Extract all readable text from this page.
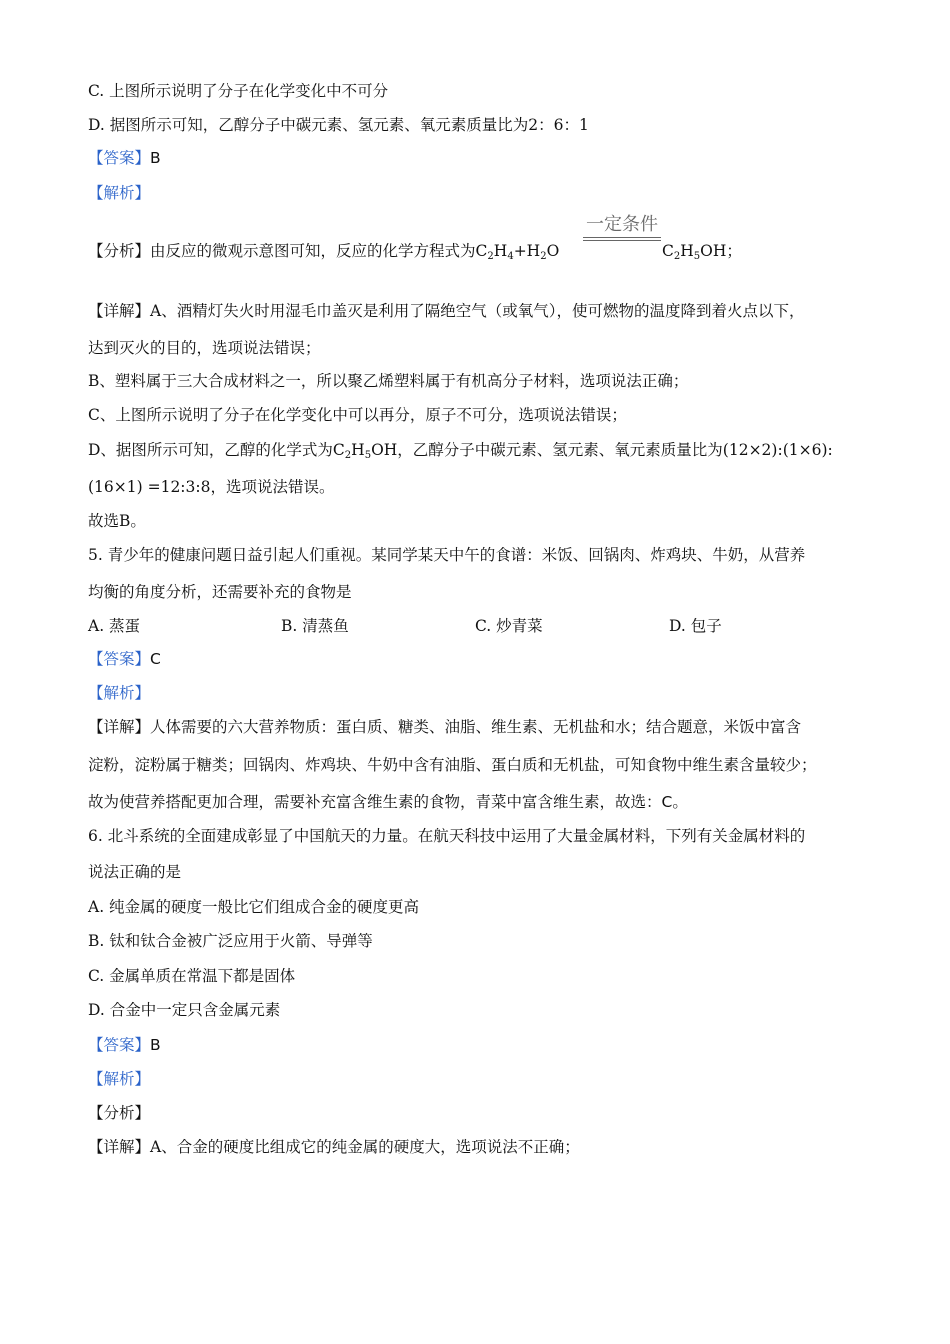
C. 上图所示说明了分子在化学变化中不可分
D. 据图所示可知，乙醇分子中碳元素、氢元素、氧元素质量比为2：6：1
【答案】B
【解析】
一定条件
【分析】由反应的微观示意图可知，反应的化学方程式为$C_2H_4+H_2O$	$C_2H_5OH$；
【详解】A、酒精灯失火时用湿毛巾盖灭是利用了隔绝空气（或氧气），使可燃物的温度降到着火点以下，
达到灭火的目的，选项说法错误；
B、塑料属于三大合成材料之一，所以聚乙烯塑料属于有机高分子材料，选项说法正确；
C、上图所示说明了分子在化学变化中可以再分，原子不可分，选项说法错误；
D、据图所示可知，乙醇的化学式为$C_2H_5OH$，乙醇分子中碳元素、氢元素、氧元素质量比为(12×2):(1×6):
(16×1) =12:3:8，选项说法错误。
故选B。
5. 青少年的健康问题日益引起人们重视。某同学某天中午的食谱：米饭、回锅肉、炸鸡块、牛奶，从营养
均衡的角度分析，还需要补充的食物是
A. 蒸蛋	B. 清蒸鱼	C. 炒青菜	D. 包子
【答案】C
【解析】
【详解】人体需要的六大营养物质：蛋白质、糖类、油脂、维生素、无机盐和水；结合题意，米饭中富含
淀粉，淀粉属于糖类；回锅肉、炸鸡块、牛奶中含有油脂、蛋白质和无机盐，可知食物中维生素含量较少；
故为使营养搭配更加合理，需要补充富含维生素的食物，青菜中富含维生素，故选：C。
6. 北斗系统的全面建成彰显了中国航天的力量。在航天科技中运用了大量金属材料，下列有关金属材料的
说法正确的是
A. 纯金属的硬度一般比它们组成合金的硬度更高
B. 钛和钛合金被广泛应用于火箭、导弹等
C. 金属单质在常温下都是固体
D. 合金中一定只含金属元素
【答案】B
【解析】
【分析】
【详解】A、合金的硬度比组成它的纯金属的硬度大，选项说法不正确；
